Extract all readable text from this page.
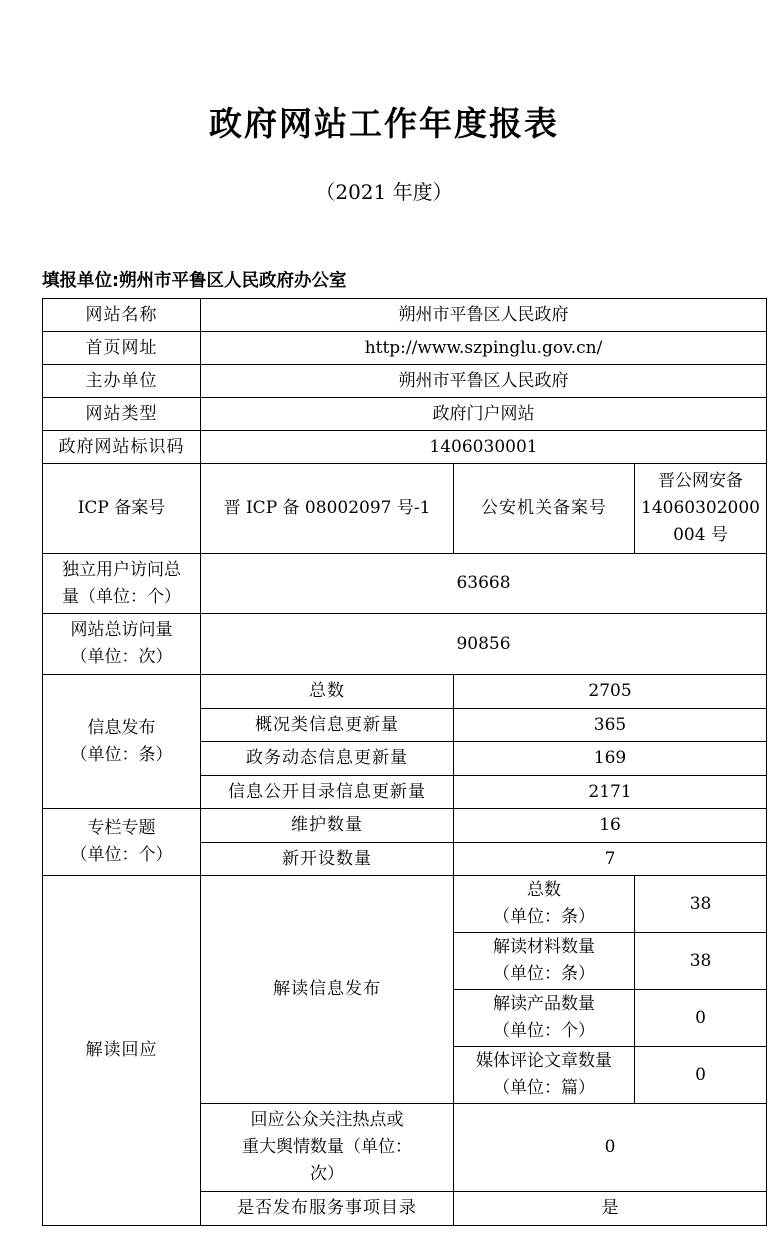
政府网站工作年度报表
（2021 年度）
填报单位:朔州市平鲁区人民政府办公室
网站名称	朔州市平鲁区人民政府		
首页网址	http://www.szpinglu.gov.cn/		
主办单位	朔州市平鲁区人民政府		
网站类型	政府门户网站		
政府网站标识码	1406030001		
ICP 备案号	晋 ICP 备 08002097 号-1	公安机关备案号	晋公网安备
14060302000
004 号

独立用户访问总
量（单位：个）	63668		

网站总访问量
（单位：次）	90856		

信息发布
（单位：条）	总数	2705	
	概况类信息更新量	365	
	政务动态信息更新量	169	
	信息公开目录信息更新量	2171	

专栏专题
（单位：个）	维护数量	16	
	新开设数量	7	
解读回应	解读信息发布	总数
（单位：条）	38

		解读材料数量
（单位：条）	38

		解读产品数量
（单位：个）	0

		媒体评论文章数量
（单位：篇）	0

	回应公众关注热点或
重大舆情数量（单位：
次）	0	
	是否发布服务事项目录	是	
